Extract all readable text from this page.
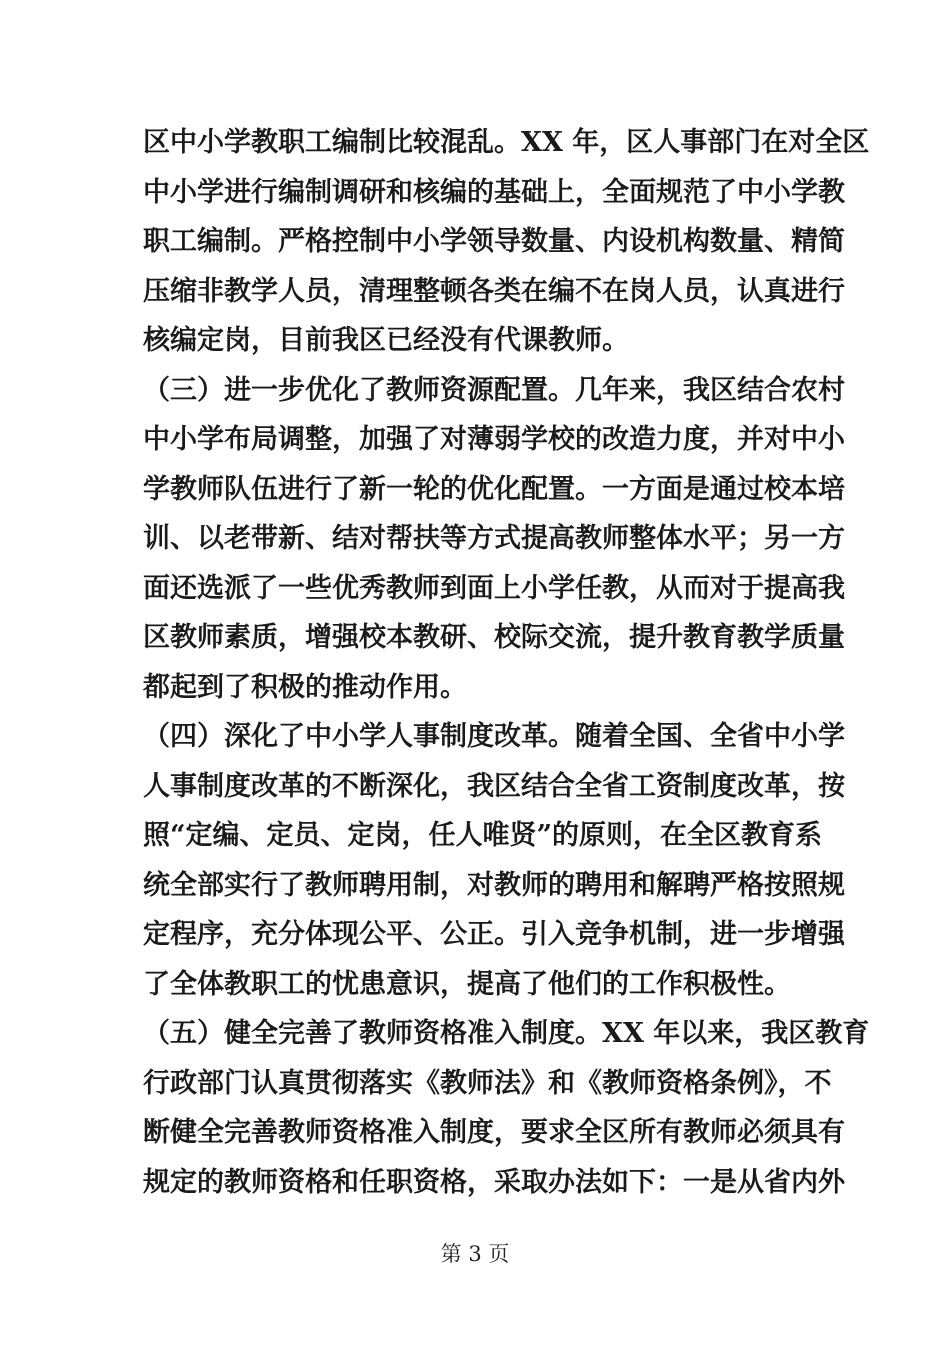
区中小学教职工编制比较混乱。XX 年，区人事部门在对全区
中小学进行编制调研和核编的基础上，全面规范了中小学教
职工编制。严格控制中小学领导数量、内设机构数量、精简
压缩非教学人员，清理整顿各类在编不在岗人员，认真进行
核编定岗，目前我区已经没有代课教师。
（三）进一步优化了教师资源配置。几年来，我区结合农村
中小学布局调整，加强了对薄弱学校的改造力度，并对中小
学教师队伍进行了新一轮的优化配置。一方面是通过校本培
训、以老带新、结对帮扶等方式提高教师整体水平；另一方
面还选派了一些优秀教师到面上小学任教，从而对于提高我
区教师素质，增强校本教研、校际交流，提升教育教学质量
都起到了积极的推动作用。
（四）深化了中小学人事制度改革。随着全国、全省中小学
人事制度改革的不断深化，我区结合全省工资制度改革，按
照“定编、定员、定岗，任人唯贤”的原则，在全区教育系
统全部实行了教师聘用制，对教师的聘用和解聘严格按照规
定程序，充分体现公平、公正。引入竞争机制，进一步增强
了全体教职工的忧患意识，提高了他们的工作积极性。
（五）健全完善了教师资格准入制度。XX 年以来，我区教育
行政部门认真贯彻落实《教师法》和《教师资格条例》，不
断健全完善教师资格准入制度，要求全区所有教师必须具有
规定的教师资格和任职资格，采取办法如下：一是从省内外
第 3 页
